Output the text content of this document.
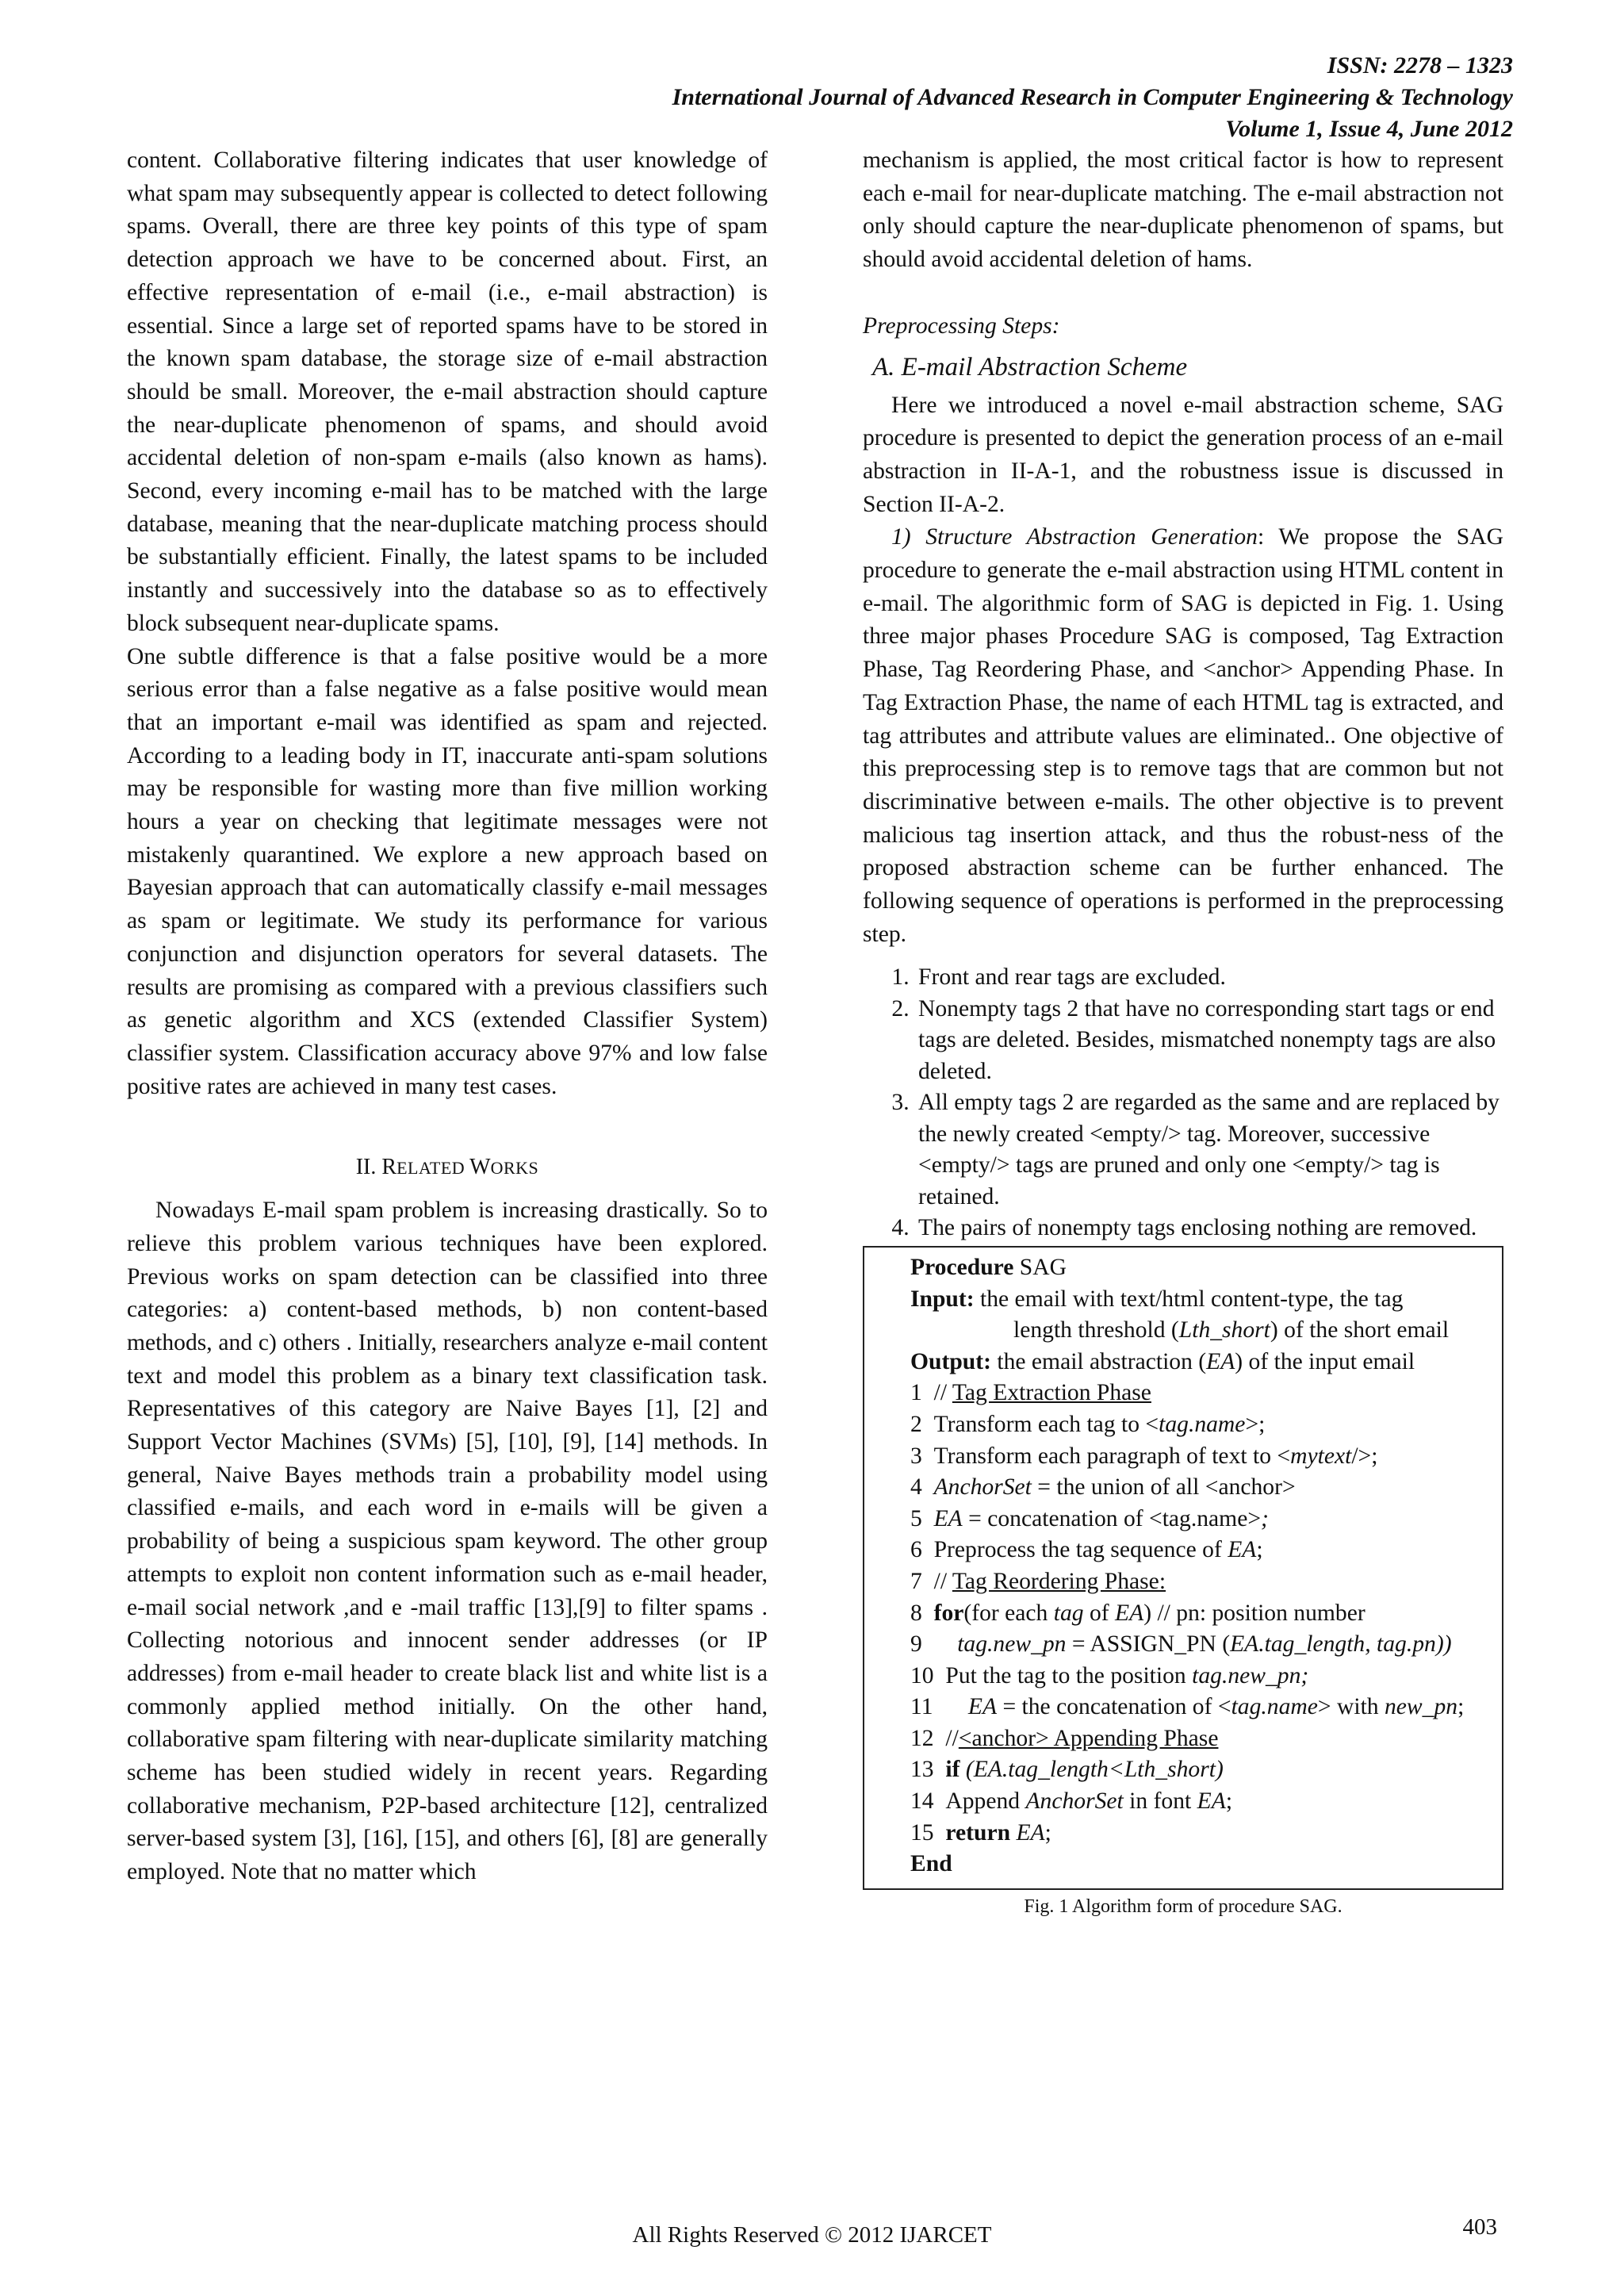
ISSN: 2278 – 1323
International Journal of Advanced Research in Computer Engineering & Technology
Volume 1, Issue 4, June 2012

content. Collaborative filtering indicates that user knowledge of what spam may subsequently appear is collected to detect following spams. Overall, there are three key points of this type of spam detection approach we have to be concerned about. First, an effective representation of e-mail (i.e., e-mail abstraction) is essential. Since a large set of reported spams have to be stored in the known spam database, the storage size of e-mail abstraction should be small. Moreover, the e-mail abstraction should capture the near-duplicate phenomenon of spams, and should avoid accidental deletion of non-spam e-mails (also known as hams). Second, every incoming e-mail has to be matched with the large database, meaning that the near-duplicate matching process should be substantially efficient. Finally, the latest spams to be included instantly and successively into the database so as to effectively block subsequent near-duplicate spams.

One subtle difference is that a false positive would be a more serious error than a false negative as a false positive would mean that an important e-mail was identified as spam and rejected. According to a leading body in IT, inaccurate anti-spam solutions may be responsible for wasting more than five million working hours a year on checking that legitimate messages were not mistakenly quarantined. We explore a new approach based on Bayesian approach that can automatically classify e-mail messages as spam or legitimate. We study its performance for various conjunction and disjunction operators for several datasets. The results are promising as compared with a previous classifiers such as genetic algorithm and XCS (extended Classifier System) classifier system. Classification accuracy above 97% and low false positive rates are achieved in many test cases.

II. RELATED WORKS

Nowadays E-mail spam problem is increasing drastically. So to relieve this problem various techniques have been explored. Previous works on spam detection can be classified into three categories: a) content-based methods, b) non content-based methods, and c) others . Initially, researchers analyze e-mail content text and model this problem as a binary text classification task. Representatives of this category are Naive Bayes [1], [2] and Support Vector Machines (SVMs) [5], [10], [9], [14] methods. In general, Naive Bayes methods train a probability model using classified e-mails, and each word in e-mails will be given a probability of being a suspicious spam keyword. The other group attempts to exploit non content information such as e-mail header, e-mail social network ,and e -mail traffic [13],[9] to filter spams . Collecting notorious and innocent sender addresses (or IP addresses) from e-mail header to create black list and white list is a commonly applied method initially. On the other hand, collaborative spam filtering with near-duplicate similarity matching scheme has been studied widely in recent years. Regarding collaborative mechanism, P2P-based architecture [12], centralized server-based system [3], [16], [15], and others [6], [8] are generally employed. Note that no matter which

mechanism is applied, the most critical factor is how to represent each e-mail for near-duplicate matching. The e-mail abstraction not only should capture the near-duplicate phenomenon of spams, but should avoid accidental deletion of hams.

Preprocessing Steps:

A. E-mail Abstraction Scheme

Here we introduced a novel e-mail abstraction scheme, SAG procedure is presented to depict the generation process of an e-mail abstraction in II-A-1, and the robustness issue is discussed in Section II-A-2.

1) Structure Abstraction Generation: We propose the SAG procedure to generate the e-mail abstraction using HTML content in e-mail. The algorithmic form of SAG is depicted in Fig. 1. Using three major phases Procedure SAG is composed, Tag Extraction Phase, Tag Reordering Phase, and <anchor> Appending Phase. In Tag Extraction Phase, the name of each HTML tag is extracted, and tag attributes and attribute values are eliminated.. One objective of this preprocessing step is to remove tags that are common but not discriminative between e-mails. The other objective is to prevent malicious tag insertion attack, and thus the robust-ness of the proposed abstraction scheme can be further enhanced. The following sequence of operations is performed in the preprocessing step.

1. Front and rear tags are excluded.
2. Nonempty tags 2 that have no corresponding start tags or end tags are deleted. Besides, mismatched nonempty tags are also deleted.
3. All empty tags 2 are regarded as the same and are replaced by the newly created <empty/> tag. Moreover, successive <empty/> tags are pruned and only one <empty/> tag is retained.
4. The pairs of nonempty tags enclosing nothing are removed.
Procedure SAG
Input: the email with text/html content-type, the tag
length threshold (Lth_short) of the short email
Output: the email abstraction (EA) of the input email
1 // Tag Extraction Phase
2 Transform each tag to <tag.name>;
3 Transform each paragraph of text to <mytext/>;
4 AnchorSet = the union of all <anchor>
5 EA = concatenation of <tag.name>;
6 Preprocess the tag sequence of EA;
7 // Tag Reordering Phase:
8 for(for each tag of EA) // pn: position number
9 tag.new_pn = ASSIGN_PN (EA.tag_length, tag.pn))
10 Put the tag to the position tag.new_pn;
11 EA = the concatenation of <tag.name> with new_pn;
12 //<anchor> Appending Phase
13 if (EA.tag_length<Lth_short)
14 Append AnchorSet in font EA;
15 return EA;
End
Fig. 1 Algorithm form of procedure SAG.
All Rights Reserved © 2012 IJARCET	403
